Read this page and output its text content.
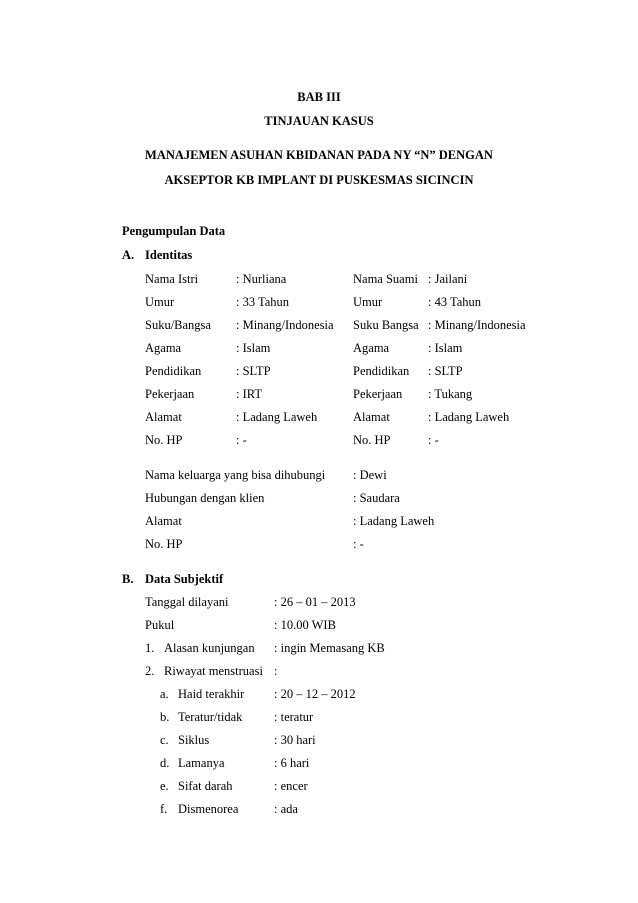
BAB III
TINJAUAN KASUS
MANAJEMEN ASUHAN KBIDANAN PADA NY “N” DENGAN
AKSEPTOR KB IMPLANT DI PUSKESMAS SICINCIN
Pengumpulan Data
A. Identitas
Nama Istri	: Nurliana	Nama Suami : Jailani
Umur	: 33 Tahun	Umur	: 43 Tahun
Suku/Bangsa : Minang/Indonesia Suku Bangsa : Minang/Indonesia
Agama	: Islam	Agama	: Islam
Pendidikan	: SLTP	Pendidikan : SLTP
Pekerjaan	: IRT	Pekerjaan : Tukang
Alamat	: Ladang Laweh	Alamat	: Ladang Laweh
No. HP	: -	No. HP	: -
Nama keluarga yang bisa dihubungi : Dewi
Hubungan dengan klien	: Saudara
Alamat	: Ladang Laweh
No. HP	: -
B. Data Subjektif
Tanggal dilayani	: 26 – 01 – 2013
Pukul	: 10.00 WIB
1. Alasan kunjungan : ingin Memasang KB
2. Riwayat menstruasi :
a. Haid terakhir : 20 – 12 – 2012
b. Teratur/tidak	: teratur
c. Siklus	: 30 hari
d. Lamanya	: 6 hari
e. Sifat darah	: encer
f. Dismenorea	: ada
